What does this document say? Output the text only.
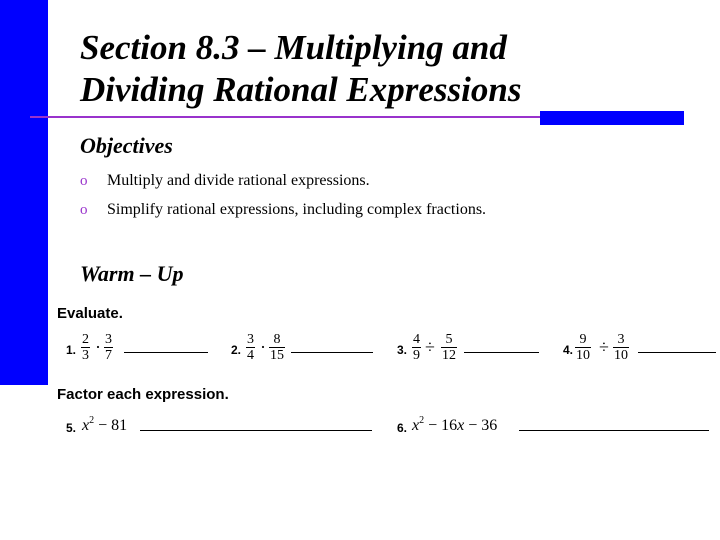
Section 8.3 – Multiplying and
Dividing Rational Expressions
Objectives
o Multiply and divide rational expressions.
o Simplify rational expressions, including complex fractions.
Warm – Up
Evaluate.
1. $\frac{2}{3} \cdot \frac{3}{7}$	2. $\frac{3}{4} \cdot \frac{8}{15}$	3. $\frac{4}{9} \div \frac{5}{12}$	4. $\frac{9}{10} \div \frac{3}{10}$
Factor each expression.
5. $x^2 - 81$	6. $x^2 - 16x - 36$
